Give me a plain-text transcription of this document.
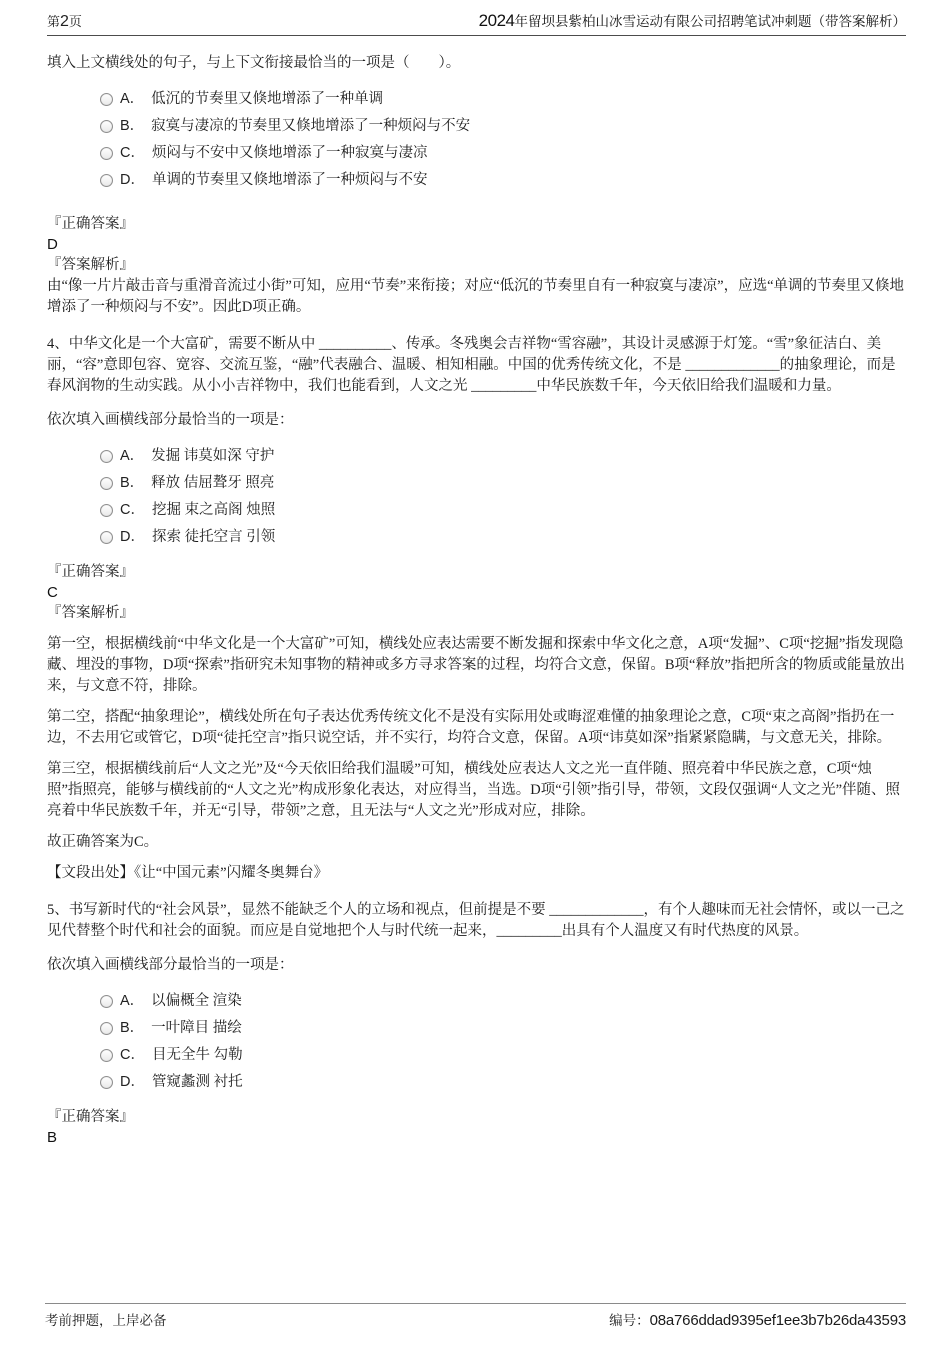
第2页	2024年留坝县紫柏山冰雪运动有限公司招聘笔试冲刺题（带答案解析）
填入上文横线处的句子，与上下文衔接最恰当的一项是（　　）。
A． 低沉的节奏里又倏地增添了一种单调
B． 寂寞与凄凉的节奏里又倏地增添了一种烦闷与不安
C． 烦闷与不安中又倏地增添了一种寂寞与凄凉
D． 单调的节奏里又倏地增添了一种烦闷与不安
『正确答案』
D
『答案解析』

由“像一片片敲击音与重滑音流过小街”可知，应用“节奏”来衔接；对应“低沉的节奏里自有一种寂寞与凄凉”，应选“单调的节奏里又倏地增添了一种烦闷与不安”。因此D项正确。

4、中华文化是一个大富矿，需要不断从中 __________、传承。冬残奥会吉祥物“雪容融”，其设计灵感源于灯笼。“雪”象征洁白、美丽，“容”意即包容、宽容、交流互鉴，“融”代表融合、温暖、相知相融。中国的优秀传统文化，不是 _____________的抽象理论，而是春风润物的生动实践。从小小吉祥物中，我们也能看到，人文之光 _________中华民族数千年，今天依旧给我们温暖和力量。

依次填入画横线部分最恰当的一项是：

A． 发掘 讳莫如深 守护
B． 释放 佶屈聱牙 照亮
C． 挖掘 束之高阁 烛照
D． 探索 徒托空言 引领
『正确答案』
C
『答案解析』

第一空，根据横线前“中华文化是一个大富矿”可知，横线处应表达需要不断发掘和探索中华文化之意，A项“发掘”、C项“挖掘”指发现隐藏、埋没的事物，D项“探索”指研究未知事物的精神或多方寻求答案的过程，均符合文意，保留。B项“释放”指把所含的物质或能量放出来，与文意不符，排除。

第二空，搭配“抽象理论”，横线处所在句子表达优秀传统文化不是没有实际用处或晦涩难懂的抽象理论之意，C项“束之高阁”指扔在一边，不去用它或管它，D项“徒托空言”指只说空话，并不实行，均符合文意，保留。A项“讳莫如深”指紧紧隐瞒，与文意无关，排除。

第三空，根据横线前后“人文之光”及“今天依旧给我们温暖”可知，横线处应表达人文之光一直伴随、照亮着中华民族之意，C项“烛照”指照亮，能够与横线前的“人文之光”构成形象化表达，对应得当，当选。D项“引领”指引导，带领，文段仅强调“人文之光”伴随、照亮着中华民族数千年，并无“引导，带领”之意，且无法与“人文之光”形成对应，排除。

故正确答案为C。

【文段出处】《让“中国元素”闪耀冬奥舞台》

5、书写新时代的“社会风景”，显然不能缺乏个人的立场和视点，但前提是不要 _____________，有个人趣味而无社会情怀，或以一己之见代替整个时代和社会的面貌。而应是自觉地把个人与时代统一起来，_________出具有个人温度又有时代热度的风景。

依次填入画横线部分最恰当的一项是：

A． 以偏概全 渲染
B． 一叶障目 描绘
C． 目无全牛 勾勒
D． 管窥蠡测 衬托
『正确答案』
B
考前押题，上岸必备	编号：08a766ddad9395ef1ee3b7b26da43593
